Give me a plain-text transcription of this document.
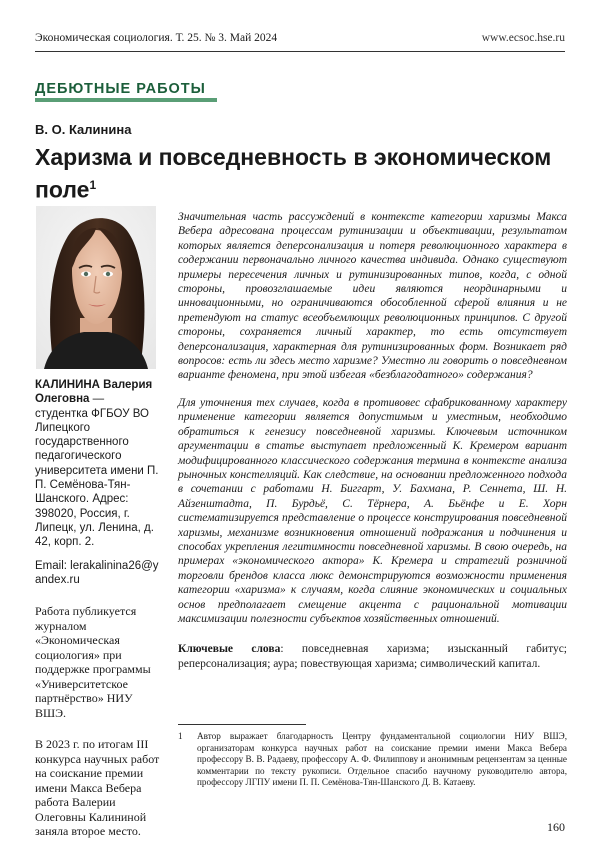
Экономическая социология. Т. 25. № 3. Май 2024	www.ecsoc.hse.ru
ДЕБЮТНЫЕ РАБОТЫ
В. О. Калинина
Харизма и повседневность в экономическом поле$^1$

КАЛИНИНА Валерия Олеговна — студентка ФГБОУ ВО Липецкого государственного педагогического университета имени П. П. Семёнова-Тян-Шанского. Адрес: 398020, Россия, г. Липецк, ул. Ленина, д. 42, корп. 2.

Email: lerakalinina26@yandex.ru

Работа публикуется журналом «Экономическая социология» при поддержке программы «Университетское партнёрство» НИУ ВШЭ.

В 2023 г. по итогам III конкурса научных работ на соискание премии имени Макса Вебера работа Валерии Олеговны Калининой заняла второе место.

Значительная часть рассуждений в контексте категории харизмы Макса Вебера адресована процессам рутинизации и объективации, результатом которых является деперсонализация и потеря революционного характера в содержании первоначально личного качества индивида. Однако существуют примеры пересечения личных и рутинизированных типов, когда, с одной стороны, провозглашаемые идеи являются неординарными и инновационными, но ограничиваются обособленной сферой влияния и не претендуют на статус всеобъемлющих революционных принципов. С другой стороны, сохраняется личный характер, то есть отсутствует деперсонализация, характерная для рутинизированных форм. Возникает ряд вопросов: есть ли здесь место харизме? Уместно ли говорить о повседневном варианте феномена, при этой избегая «безблагодатного» содержания?

Для уточнения тех случаев, когда в противовес сфабрикованному характеру применение категории является допустимым и уместным, необходимо обратиться к генезису повседневной харизмы. Ключевым источником аргументации в статье выступает предложенный К. Кремером вариант модифицированного классического содержания термина в контексте анализа рыночных констелляций. Как следствие, на основании предложенного подхода в сочетании с работами Н. Биггарт, У. Бахмана, Р. Сеннета, Ш. Н. Айзенштадта, П. Бурдьё, С. Тёрнера, А. Бьёнфе и Е. Хорн систематизируется представление о процессе конструирования повседневной харизмы, механизме возникновения отношений подражания и подчинения и способах укрепления легитимности повседневной харизмы. В свою очередь, на примерах «экономического актора» К. Кремера и стратегий розничной торговли брендов класса люкс демонстрируются возможности применения категории «харизма» к случаям, когда слияние экономических и социальных основ предполагает смещение акцента с рациональной мотивации максимизации полезности субъектов хозяйственных отношений.

Ключевые слова: повседневная харизма; изысканный габитус; реперсонализация; аура; повествующая харизма; символический капитал.

1 Автор выражает благодарность Центру фундаментальной социологии НИУ ВШЭ, организаторам конкурса научных работ на соискание премии имени Макса Вебера профессору В. В. Радаеву, профессору А. Ф. Филиппову и анонимным рецензентам за ценные комментарии по тексту рукописи. Отдельное спасибо научному руководителю автора, профессору ЛГПУ имени П. П. Семёнова-Тян-Шанского Д. В. Катаеву.

160
